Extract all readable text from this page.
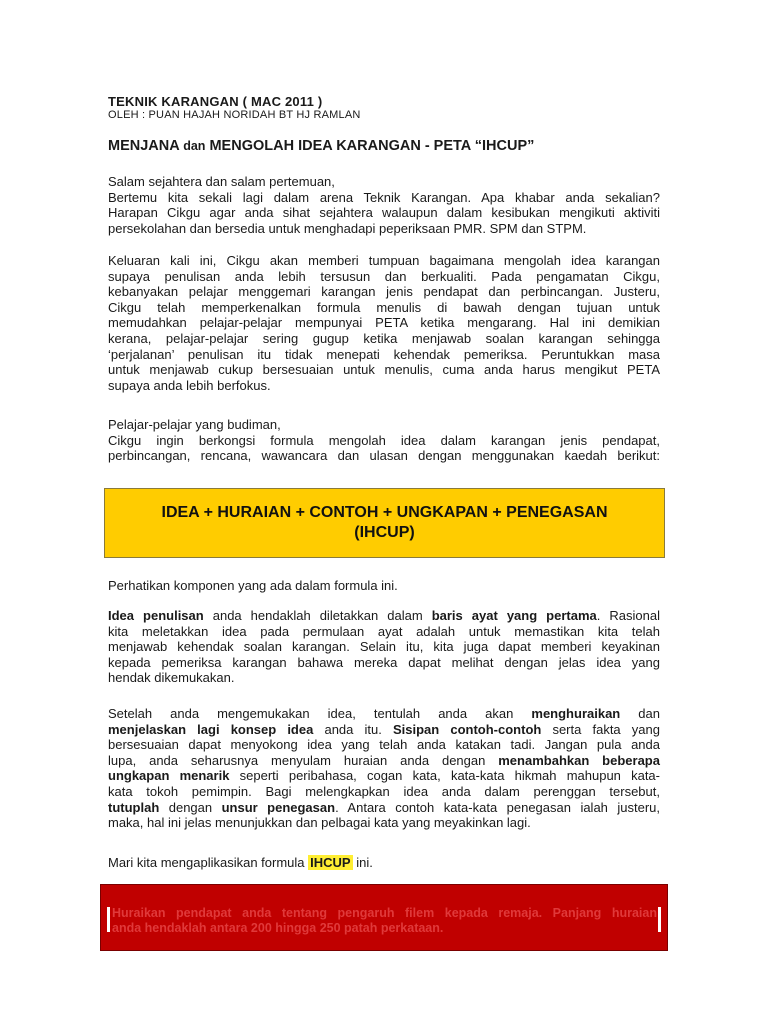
TEKNIK KARANGAN ( MAC 2011 )
OLEH : PUAN HAJAH NORIDAH BT HJ RAMLAN
MENJANA dan MENGOLAH IDEA KARANGAN - PETA “IHCUP”
Salam sejahtera dan salam pertemuan,
Bertemu kita sekali lagi dalam arena Teknik Karangan. Apa khabar anda sekalian?
Harapan Cikgu agar anda sihat sejahtera walaupun dalam kesibukan mengikuti aktiviti
persekolahan dan bersedia untuk menghadapi peperiksaan PMR. SPM dan STPM.
Keluaran kali ini, Cikgu akan memberi tumpuan bagaimana mengolah idea karangan
supaya penulisan anda lebih tersusun dan berkualiti. Pada pengamatan Cikgu,
kebanyakan pelajar menggemari karangan jenis pendapat dan perbincangan. Justeru,
Cikgu telah memperkenalkan formula menulis di bawah dengan tujuan untuk
memudahkan pelajar-pelajar mempunyai PETA ketika mengarang. Hal ini demikian
kerana, pelajar-pelajar sering gugup ketika menjawab soalan karangan sehingga
‘perjalanan’ penulisan itu tidak menepati kehendak pemeriksa. Peruntukkan masa
untuk menjawab cukup bersesuaian untuk menulis, cuma anda harus mengikut PETA
supaya anda lebih berfokus.
Pelajar-pelajar yang budiman,
Cikgu ingin berkongsi formula mengolah idea dalam karangan jenis pendapat,
perbincangan, rencana, wawancara dan ulasan dengan menggunakan kaedah berikut:
Perhatikan komponen yang ada dalam formula ini.
Idea penulisan anda hendaklah diletakkan dalam baris ayat yang pertama. Rasional
kita meletakkan idea pada permulaan ayat adalah untuk memastikan kita telah
menjawab kehendak soalan karangan. Selain itu, kita juga dapat memberi keyakinan
kepada pemeriksa karangan bahawa mereka dapat melihat dengan jelas idea yang
hendak dikemukakan.
Setelah anda mengemukakan idea, tentulah anda akan menghuraikan dan
menjelaskan lagi konsep idea anda itu. Sisipan contoh-contoh serta fakta yang
bersesuaian dapat menyokong idea yang telah anda katakan tadi. Jangan pula anda
lupa, anda seharusnya menyulam huraian anda dengan menambahkan beberapa
ungkapan menarik seperti peribahasa, cogan kata, kata-kata hikmah mahupun kata-
kata tokoh pemimpin. Bagi melengkapkan idea anda dalam perenggan tersebut,
tutuplah dengan unsur penegasan. Antara contoh kata-kata penegasan ialah justeru,
maka, hal ini jelas menunjukkan dan pelbagai kata yang meyakinkan lagi.
Mari kita mengaplikasikan formula IHCUP ini.
IDEA + HURAIAN + CONTOH + UNGKAPAN + PENEGASAN
(IHCUP)
Huraikan pendapat anda tentang pengaruh filem kepada remaja. Panjang huraian
anda hendaklah antara 200 hingga 250 patah perkataan.
